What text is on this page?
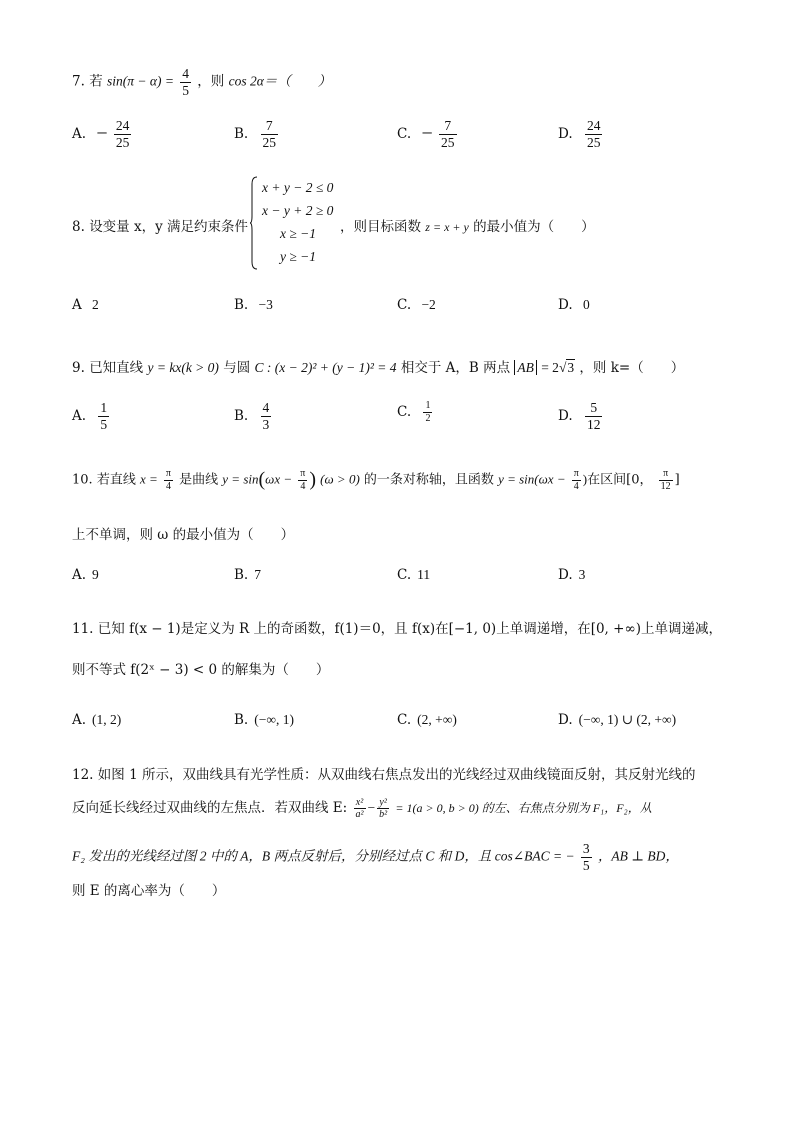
7. 若 $\sin(\pi - \alpha) = \frac{4}{5}$ ，则 cos 2α＝（　　）
A. − $\frac{24}{25}$	B. $\frac{7}{25}$	C. − $\frac{7}{25}$	D. $\frac{24}{25}$
8. 设变量 x，y 满足约束条件
x + y − 2 ≤ 0
x − y + 2 ≥ 0
x ≥ −1
y ≥ −1
，则目标函数 z = x + y 的最小值为（　　）
A 2	B. −3	C. −2	D. 0
9. 已知直线 y = kx(k > 0) 与圆 C : (x − 2)² + (y − 1)² = 4 相交于 A，B 两点 AB = 2√3 ，则 k=（　　）
A. $\frac{1}{5}$	B. $\frac{4}{3}$	C. $\frac{1}{2}$	D. $\frac{5}{12}$
10. 若直线 $x = \frac{\pi}{4}$ 是曲线 $y = \sin(\omega x - \frac{\pi}{4}$ ) (ω > 0) 的一条对称轴，且函数 $y = \sin(\omega x - \frac{\pi}{4}$ )在区间[0， $\frac{\pi}{12}$ ]
上不单调，则 ω 的最小值为（　　）
A. 9	B. 7	C. 11	D. 3
11. 已知 f(x − 1)是定义为 R 上的奇函数，f(1)＝0，且 f(x)在[−1, 0)上单调递增，在[0, +∞)上单调递减，
则不等式 f(2ˣ − 3) < 0 的解集为（　　）
A. (1, 2)	B. (−∞, 1)	C. (2, +∞)	D. (−∞, 1) ∪ (2, +∞)
12. 如图 1 所示，双曲线具有光学性质：从双曲线右焦点发出的光线经过双曲线镜面反射，其反射光线的
反向延长线经过双曲线的左焦点．若双曲线 E: $\frac{\text{x²}}{\text{a²}} - \frac{\text{y²}}{\text{b²}} = 1(a > 0$, b > 0) 的左、右焦点分别为 F₁，F₂，从
F₂ 发出的光线经过图 2 中的 A，B 两点反射后，分别经过点 C 和 D，且 cos∠BAC = − $\frac{3}{5}$ ，AB ⊥ BD，
则 E 的离心率为（　　）
